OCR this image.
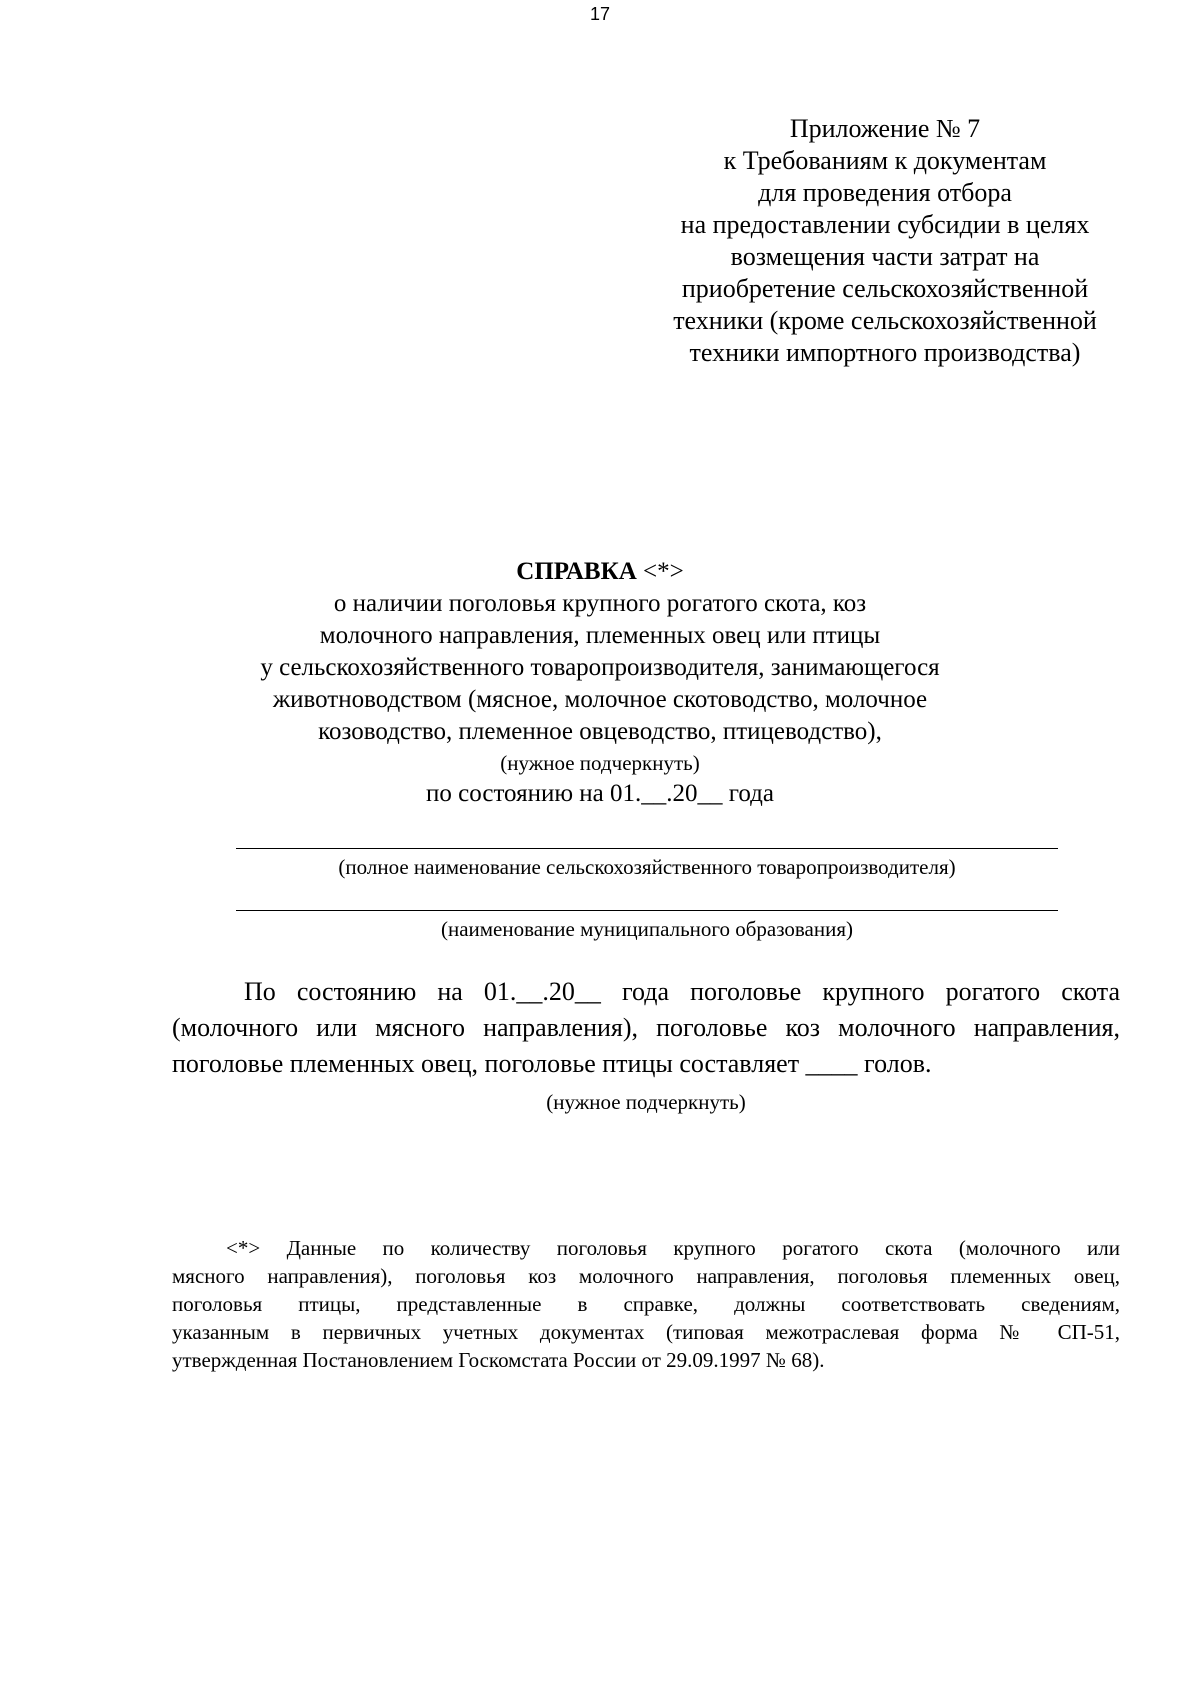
17
Приложение № 7
к Требованиям к документам
для проведения отбора
на предоставлении субсидии в целях
возмещения части затрат на
приобретение сельскохозяйственной
техники (кроме сельскохозяйственной
техники импортного производства)
СПРАВКА <*>
о наличии поголовья крупного рогатого скота, коз
молочного направления, племенных овец или птицы
у сельскохозяйственного товаропроизводителя, занимающегося
животноводством (мясное, молочное скотоводство, молочное
козоводство, племенное овцеводство, птицеводство),
(нужное подчеркнуть)
по состоянию на 01.__.20__ года
(полное наименование сельскохозяйственного товаропроизводителя)
(наименование муниципального образования)
По состоянию на 01.__.20__ года поголовье крупного рогатого скота
(молочного или мясного направления), поголовье коз молочного направления,
поголовье племенных овец, поголовье птицы составляет ____ голов.
(нужное подчеркнуть)
<*> Данные по количеству поголовья крупного рогатого скота (молочного или
мясного направления), поголовья коз молочного направления, поголовья племенных овец,
поголовья птицы, представленные в справке, должны соответствовать сведениям,
указанным в первичных учетных документах (типовая межотраслевая форма № СП-51,
утвержденная Постановлением Госкомстата России от 29.09.1997 № 68).
